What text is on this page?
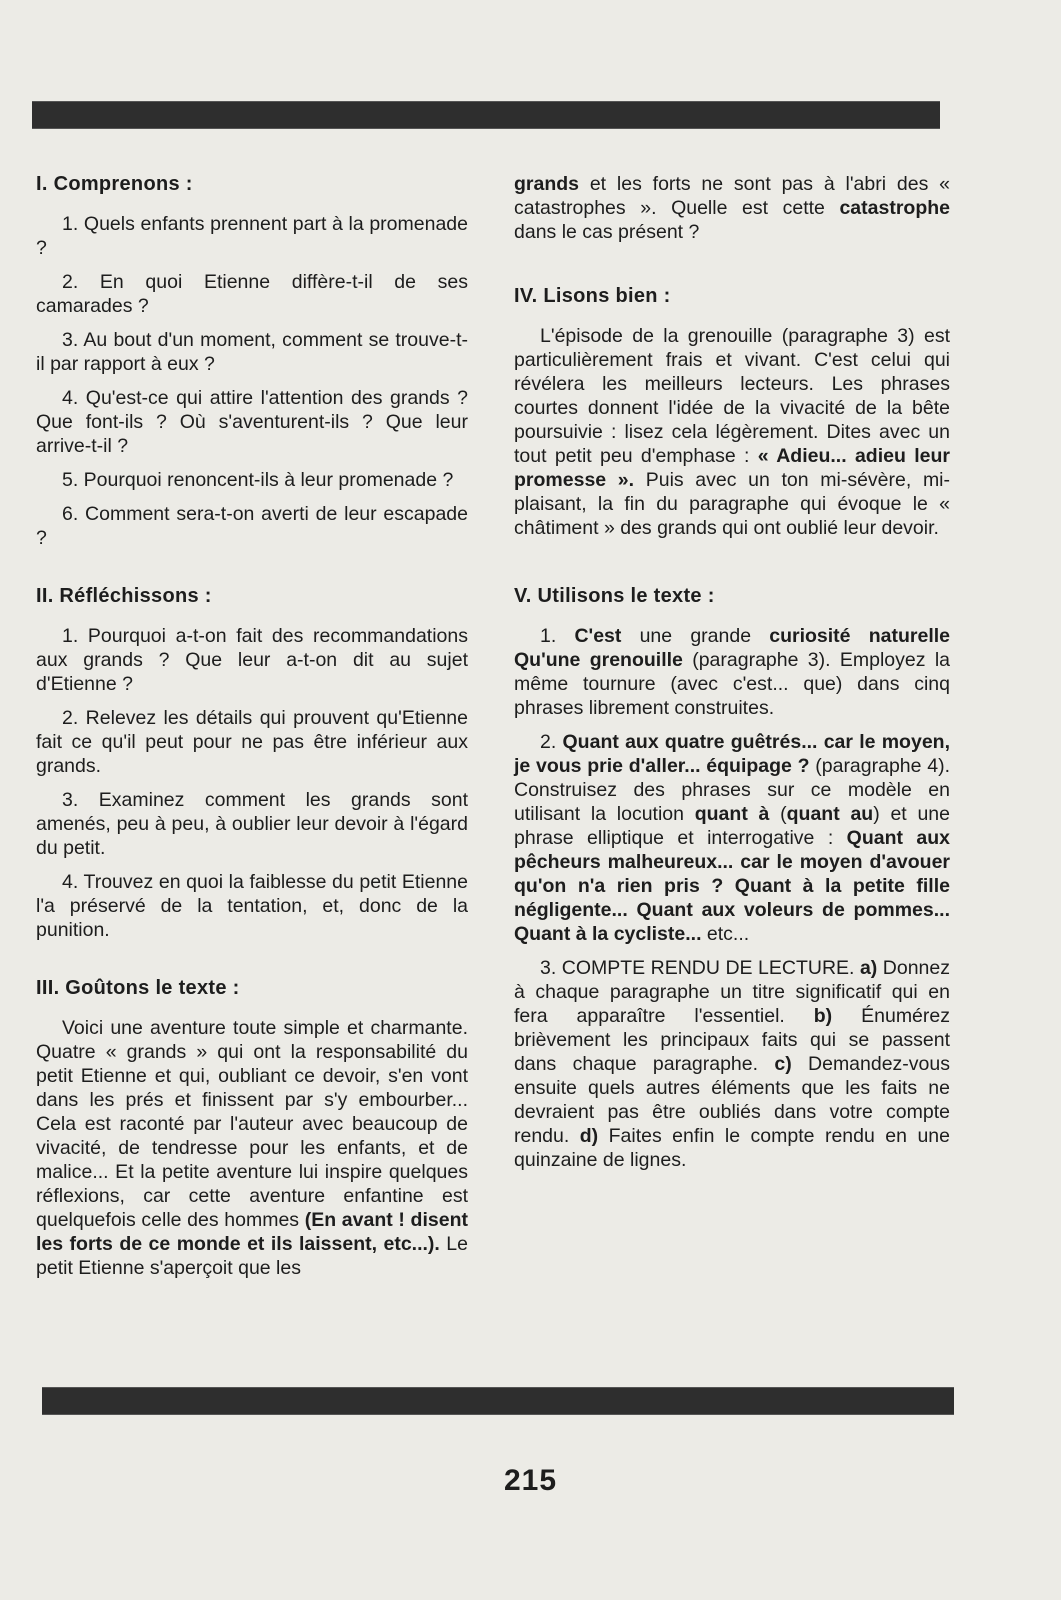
I. Comprenons :

1. Quels enfants prennent part à la promenade ?

2. En quoi Etienne diffère-t-il de ses camarades ?

3. Au bout d'un moment, comment se trouve-t-il par rapport à eux ?

4. Qu'est-ce qui attire l'attention des grands ? Que font-ils ? Où s'aventurent-ils ? Que leur arrive-t-il ?

5. Pourquoi renoncent-ils à leur promenade ?

6. Comment sera-t-on averti de leur escapade ?

II. Réfléchissons :

1. Pourquoi a-t-on fait des recommandations aux grands ? Que leur a-t-on dit au sujet d'Etienne ?

2. Relevez les détails qui prouvent qu'Etienne fait ce qu'il peut pour ne pas être inférieur aux grands.

3. Examinez comment les grands sont amenés, peu à peu, à oublier leur devoir à l'égard du petit.

4. Trouvez en quoi la faiblesse du petit Etienne l'a préservé de la tentation, et, donc de la punition.

III. Goûtons le texte :

Voici une aventure toute simple et charmante. Quatre « grands » qui ont la responsabilité du petit Etienne et qui, oubliant ce devoir, s'en vont dans les prés et finissent par s'y embourber... Cela est raconté par l'auteur avec beaucoup de vivacité, de tendresse pour les enfants, et de malice... Et la petite aventure lui inspire quelques réflexions, car cette aventure enfantine est quelquefois celle des hommes (En avant ! disent les forts de ce monde et ils laissent, etc...). Le petit Etienne s'aperçoit que les

grands et les forts ne sont pas à l'abri des « catastrophes ». Quelle est cette catastrophe dans le cas présent ?

IV. Lisons bien :

L'épisode de la grenouille (paragraphe 3) est particulièrement frais et vivant. C'est celui qui révélera les meilleurs lecteurs. Les phrases courtes donnent l'idée de la vivacité de la bête poursuivie : lisez cela légèrement. Dites avec un tout petit peu d'emphase : « Adieu... adieu leur promesse ». Puis avec un ton mi-sévère, mi-plaisant, la fin du paragraphe qui évoque le « châtiment » des grands qui ont oublié leur devoir.

V. Utilisons le texte :

1. C'est une grande curiosité naturelle Qu'une grenouille (paragraphe 3). Employez la même tournure (avec c'est... que) dans cinq phrases librement construites.

2. Quant aux quatre guêtrés... car le moyen, je vous prie d'aller... équipage ? (paragraphe 4). Construisez des phrases sur ce modèle en utilisant la locution quant à (quant au) et une phrase elliptique et interrogative : Quant aux pêcheurs malheureux... car le moyen d'avouer qu'on n'a rien pris ? Quant à la petite fille négligente... Quant aux voleurs de pommes... Quant à la cycliste... etc...

3. COMPTE RENDU DE LECTURE. a) Donnez à chaque paragraphe un titre significatif qui en fera apparaître l'essentiel. b) Énumérez brièvement les principaux faits qui se passent dans chaque paragraphe. c) Demandez-vous ensuite quels autres éléments que les faits ne devraient pas être oubliés dans votre compte rendu. d) Faites enfin le compte rendu en une quinzaine de lignes.

215
